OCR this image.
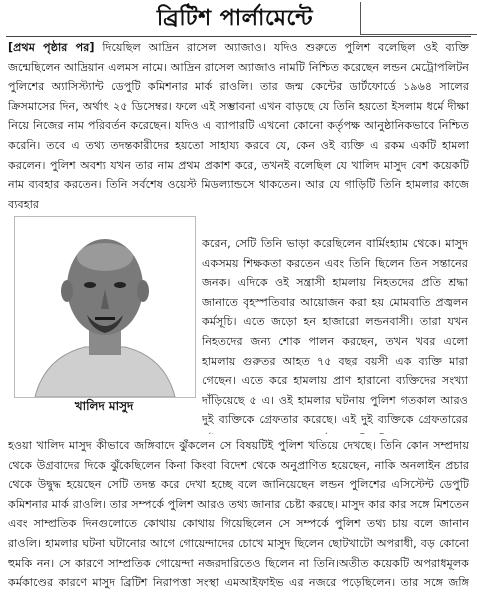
ব্রিটিশ পার্লামেন্টে

[প্রথম পৃষ্ঠার পর] দিয়েছিল আদ্রিন রাসেল অ্যাজাও। যদিও শুরুতে পুলিশ বলেছিল ওই ব্যক্তি জন্মেছিলেন আদ্রিয়ান এলমস নামে। আদ্রিন রাসেল অ্যাজাও নামটি নিশ্চিত করেছেন লন্ডন মেট্রোপলিটন পুলিশের অ্যাসিস্ট্যান্ট ডেপুটি কমিশনার মার্ক রাওলি। তার জন্ম কেন্টের ডার্টফোর্ডে ১৯৬৪ সালের ক্রিসমাসের দিন, অর্থাৎ ২৫ ডিসেম্বর। ফলে এই সম্ভাবনা এখন বাড়ছে যে তিনি হয়তো ইসলাম ধর্মে দীক্ষা নিয়ে নিজের নাম পরিবর্তন করেছেন। যদিও এ ব্যাপারটি এখনো কোনো কর্তৃপক্ষ আনুষ্ঠানিকভাবে নিশ্চিত করেনি। তবে এ তথ্য তদন্তকারীদের হয়তো সাহায্য করবে যে, কেন ওই ব্যক্তি এ রকম একটি হামলা করলেন। পুলিশ অবশ্য যখন তার নাম প্রথম প্রকাশ করে, তখনই বলেছিল যে খালিদ মাসুদ বেশ কয়েকটি নাম ব্যবহার করতেন। তিনি সর্বশেষ ওয়েস্ট মিডল্যান্ডসে থাকতেন। আর যে গাড়িটি তিনি হামলার কাজে ব্যবহার

খালিদ মাসুদ

করেন, সেটি তিনি ভাড়া করেছিলেন বার্মিংহ্যাম থেকে। মাসুদ একসময় শিক্ষকতা করতেন এবং তিনি ছিলেন তিন সন্তানের জনক। এদিকে ওই সন্ত্রাসী হামলায় নিহতদের প্রতি শ্রদ্ধা জানাতে বৃহস্পতিবার আয়োজন করা হয় মোমবাতি প্রজ্বলন কর্মসূচি। এতে জড়ো হন হাজারো লন্ডনবাসী। তারা যখন নিহতদের জন্য শোক পালন করছেন, তখন খবর এলো হামলায় গুরুতর আহত ৭৫ বছর বয়সী এক ব্যক্তি মারা গেছেন। এতে করে হামলায় প্রাণ হারানো ব্যক্তিদের সংখ্যা দাঁড়িয়েছে ৫ এ। ওই হামলার ঘটনায় পুলিশ গতকাল আরও দুই ব্যক্তিকে গ্রেফতার করেছে। এই দুই ব্যক্তিকে গ্রেফতারের

হওয়া খালিদ মাসুদ কীভাবে জঙ্গিবাদে ঝুঁকলেন সে বিষয়টিই পুলিশ খতিয়ে দেখছে। তিনি কোন সম্প্রদায় থেকে উগ্রবাদের দিকে ঝুঁকেছিলেন কিনা কিংবা বিদেশ থেকে অনুপ্রাণিত হয়েছেন, নাকি অনলাইন প্রচার থেকে উদ্বুদ্ধ হয়েছেন সেটি তদন্ত করে দেখা হচ্ছে বলে জানিয়েছেন লন্ডন পুলিশের এসিস্টেন্ট ডেপুটি কমিশনার মার্ক রাওলি। তার সম্পর্কে পুলিশ আরও তথ্য জানার চেষ্টা করছে। মাসুদ কার কার সঙ্গে মিশতেন এবং সাম্প্রতিক দিনগুলোতে কোথায় কোথায় গিয়েছিলেন সে সম্পর্কে পুলিশ তথ্য চায় বলে জানান রাওলি। হামলার ঘটনা ঘটানোর আগে গোয়েন্দাদের চোখে মাসুদ ছিলেন ছোটখাটো অপরাধী, বড় কোনো হুমকি নন। সে কারণে সাম্প্রতিক গোয়েন্দা নজরদারিতেও ছিলেন না তিনি।অতীত কয়েকটি অপরাধমূলক কর্মকাণ্ডের কারণে মাসুদ ব্রিটিশ নিরাপত্তা সংস্থা এমআইফাইভ এর নজরে পড়েছিলেন। তার সঙ্গে জঙ্গি
